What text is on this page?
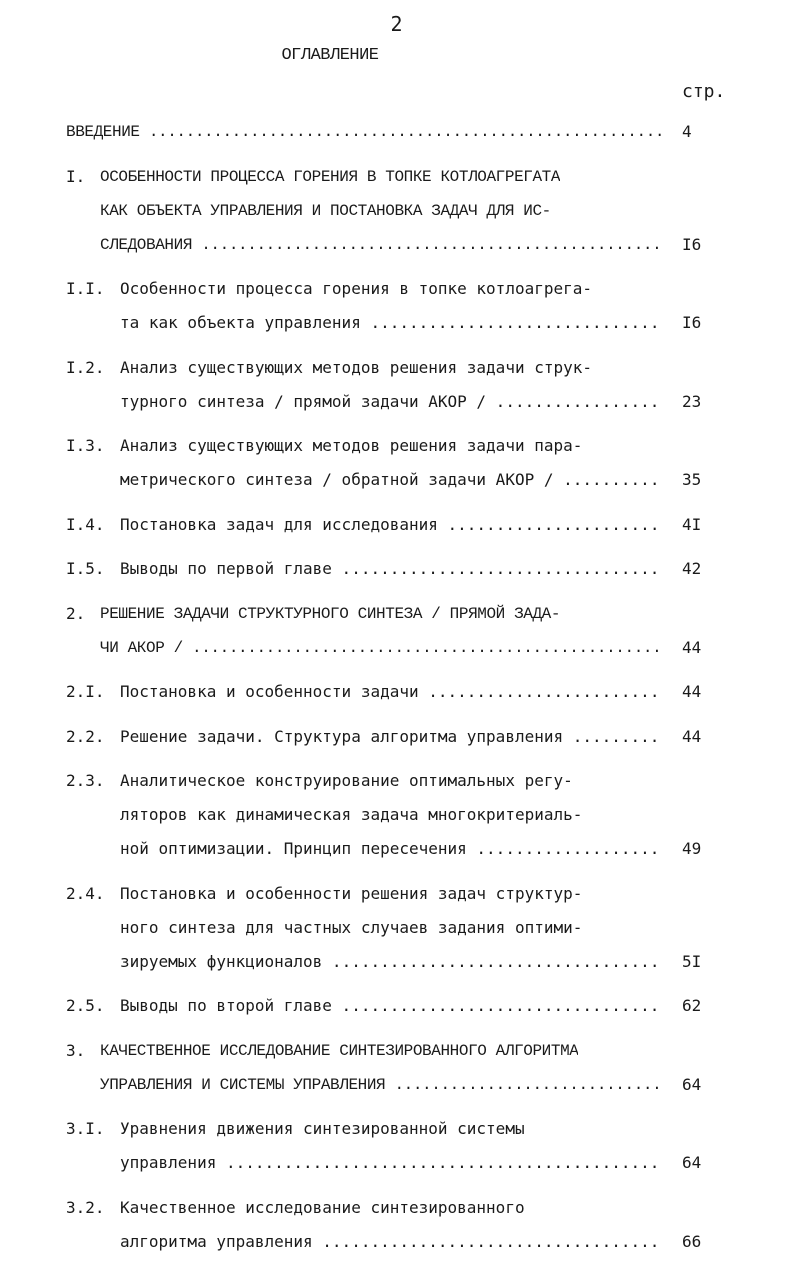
2
ОГЛАВЛЕНИЕ
стр.
ВВЕДЕНИЕ .....	4
I. ОСОБЕННОСТИ ПРОЦЕССА ГОРЕНИЯ В ТОПКЕ КОТЛОАГРЕГАТА
КАК ОБЪЕКТА УПРАВЛЕНИЯ И ПОСТАНОВКА ЗАДАЧ ДЛЯ ИС-
СЛЕДОВАНИЯ .....	I6
I.I. Особенности процесса горения в топке котлоагрега-
та как объекта управления .....	I6
I.2. Анализ существующих методов решения задачи струк-
турного синтеза / прямой задачи АКОР / .....	23
I.3. Анализ существующих методов решения задачи пара-
метрического синтеза / обратной задачи АКОР / .....	35
I.4. Постановка задач для исследования .....	4I
I.5. Выводы по первой главе .....	42
2. РЕШЕНИЕ ЗАДАЧИ СТРУКТУРНОГО СИНТЕЗА / ПРЯМОЙ ЗАДА-
ЧИ АКОР / .....	44
2.I. Постановка и особенности задачи .....	44
2.2. Решение задачи. Структура алгоритма управления .....	44
2.3. Аналитическое конструирование оптимальных регу-
ляторов как динамическая задача многокритериаль-
ной оптимизации. Принцип пересечения .....	49
2.4. Постановка и особенности решения задач структур-
ного синтеза для частных случаев задания оптими-
зируемых функционалов .....	5I
2.5. Выводы по второй главе .....	62
3. КАЧЕСТВЕННОЕ ИССЛЕДОВАНИЕ СИНТЕЗИРОВАННОГО АЛГОРИТМА
УПРАВЛЕНИЯ И СИСТЕМЫ УПРАВЛЕНИЯ .....	64
3.I. Уравнения движения синтезированной системы
управления .....	64
3.2. Качественное исследование синтезированного
алгоритма управления .....	66
